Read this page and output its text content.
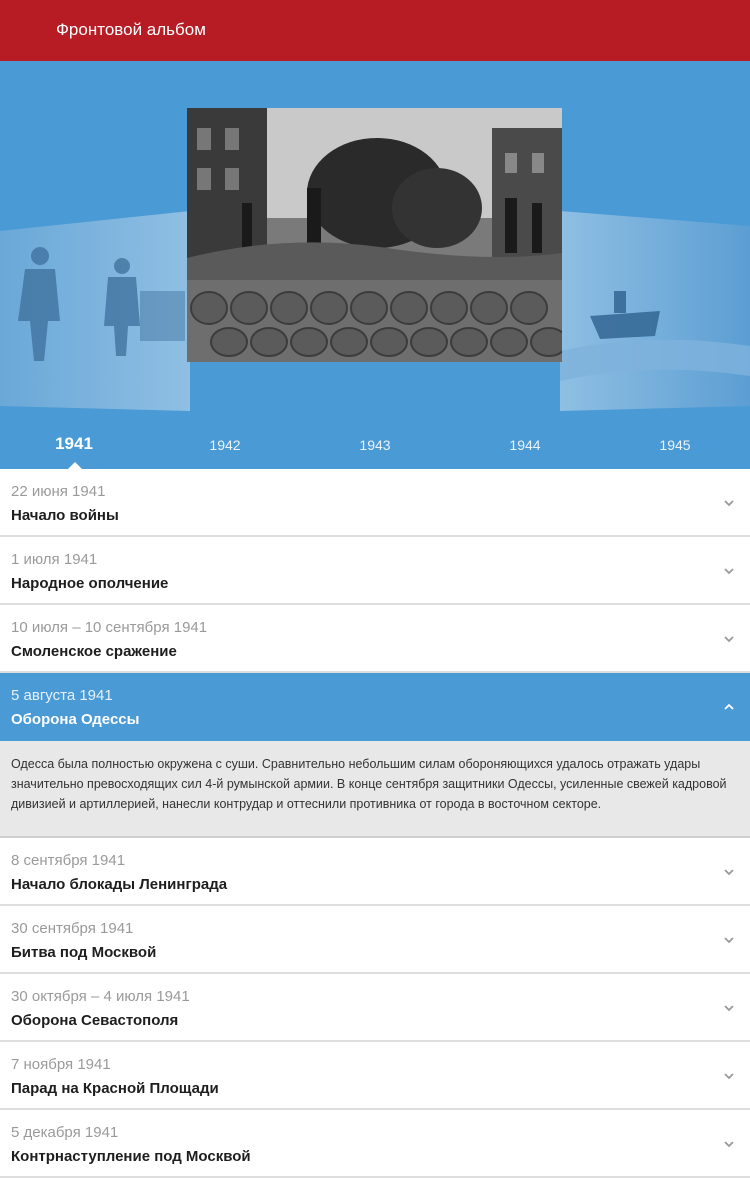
Фронтовой альбом
1941	1942	1943	1944	1945
22 июня 1941
Начало войны
1 июля 1941
Народное ополчение
10 июля – 10 сентября 1941
Смоленское сражение
5 августа 1941
Оборона Одессы
Одесса была полностью окружена с суши. Сравнительно небольшим силам обороняющихся удалось отражать удары значительно превосходящих сил 4-й румынской армии. В конце сентября защитники Одессы, усиленные свежей кадровой дивизией и артиллерией, нанесли контрудар и оттеснили противника от города в восточном секторе.
8 сентября 1941
Начало блокады Ленинграда
30 сентября 1941
Битва под Москвой
30 октября – 4 июля 1941
Оборона Севастополя
7 ноября 1941
Парад на Красной Площади
5 декабря 1941
Контрнаступление под Москвой
